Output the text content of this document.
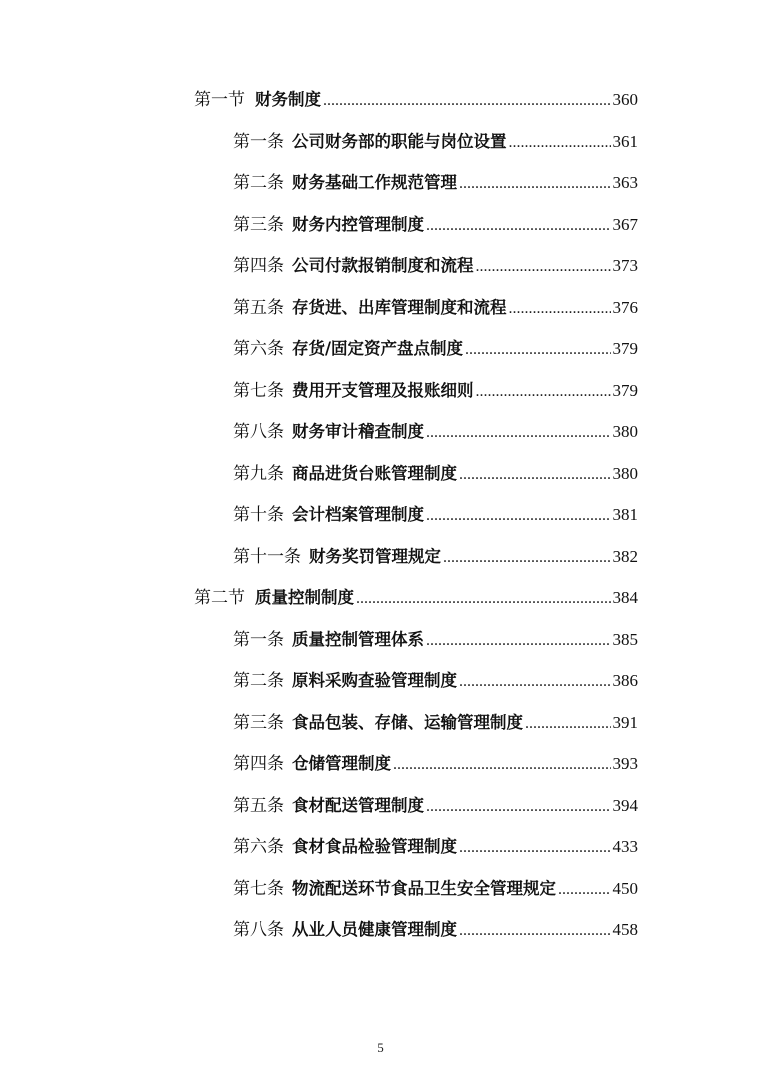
第一节 财务制度 .....	360
第一条 公司财务部的职能与岗位设置 .....	361
第二条 财务基础工作规范管理 .....	363
第三条 财务内控管理制度 .....	367
第四条 公司付款报销制度和流程 .....	373
第五条 存货进、出库管理制度和流程 .....	376
第六条 存货/固定资产盘点制度 .....	379
第七条 费用开支管理及报账细则 .....	379
第八条 财务审计稽查制度 .....	380
第九条 商品进货台账管理制度 .....	380
第十条 会计档案管理制度 .....	381
第十一条 财务奖罚管理规定 .....	382
第二节 质量控制制度 .....	384
第一条 质量控制管理体系 .....	385
第二条 原料采购查验管理制度 .....	386
第三条 食品包装、存储、运输管理制度 .....	391
第四条 仓储管理制度 .....	393
第五条 食材配送管理制度 .....	394
第六条 食材食品检验管理制度 .....	433
第七条 物流配送环节食品卫生安全管理规定 .....	450
第八条 从业人员健康管理制度 .....	458
5
